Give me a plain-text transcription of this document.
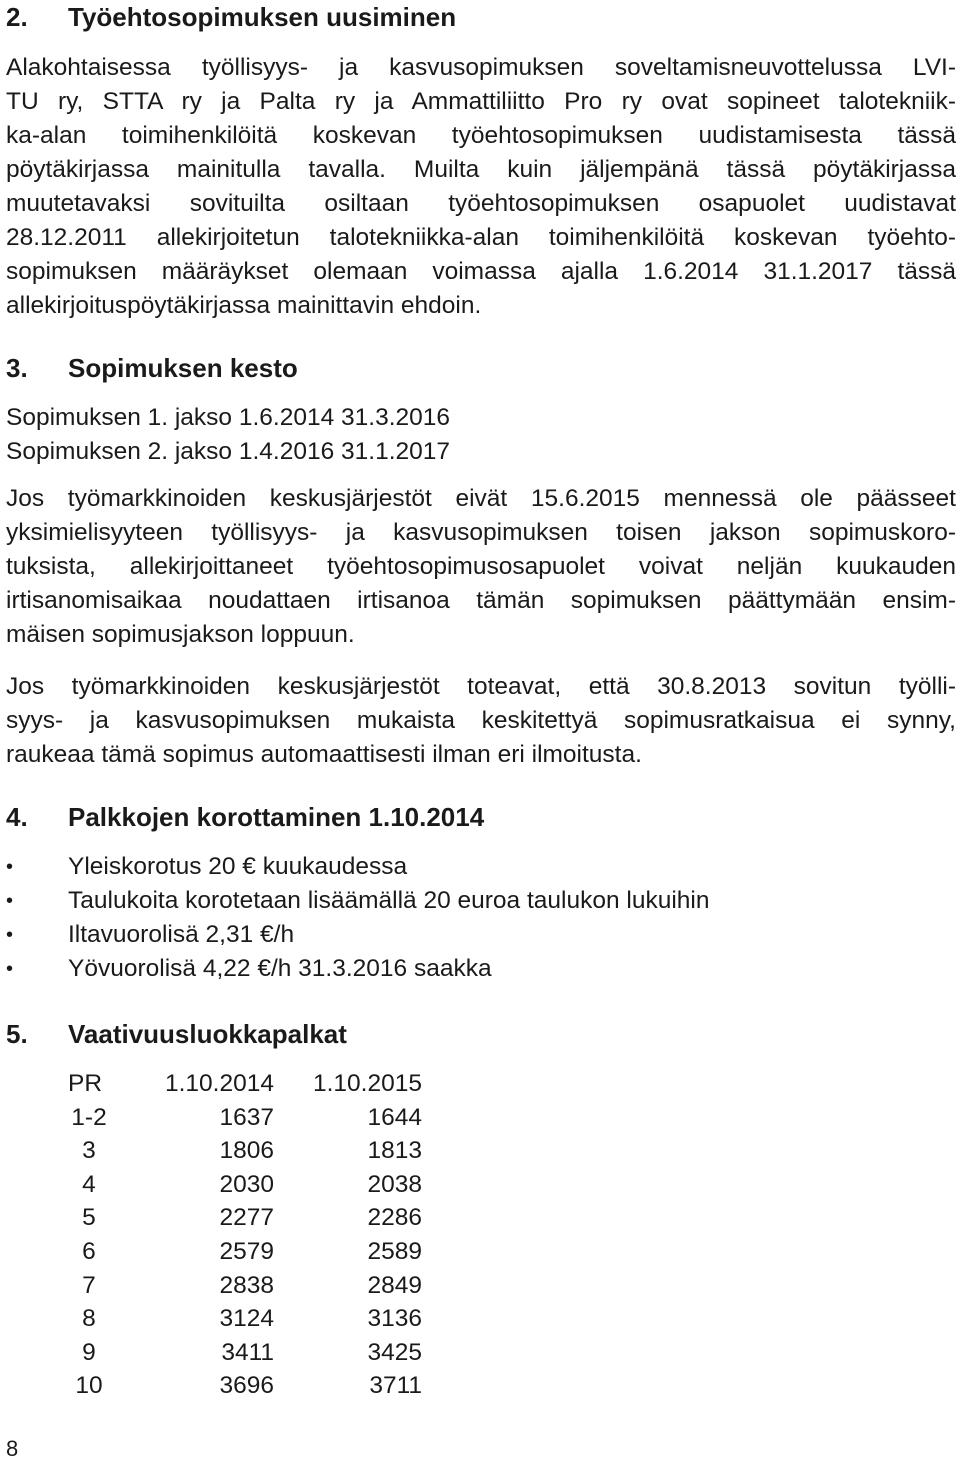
2.	Työehtosopimuksen uusiminen
Alakohtaisessa työllisyys- ja kasvusopimuksen soveltamisneuvottelussa LVI-
TU ry, STTA ry ja Palta ry ja Ammattiliitto Pro ry ovat sopineet talotekniik-
ka-alan toimihenkilöitä koskevan työehtosopimuksen uudistamisesta tässä
pöytäkirjassa mainitulla tavalla. Muilta kuin jäljempänä tässä pöytäkirjassa
muutetavaksi sovituilta osiltaan työehtosopimuksen osapuolet uudistavat
28.12.2011 allekirjoitetun talotekniikka-alan toimihenkilöitä koskevan työehto-
sopimuksen määräykset olemaan voimassa ajalla 1.6.2014 31.1.2017 tässä
allekirjoituspöytäkirjassa mainittavin ehdoin.
3.	Sopimuksen kesto
Sopimuksen 1. jakso 1.6.2014 31.3.2016
Sopimuksen 2. jakso 1.4.2016 31.1.2017
Jos työmarkkinoiden keskusjärjestöt eivät 15.6.2015 mennessä ole päässeet
yksimielisyyteen työllisyys- ja kasvusopimuksen toisen jakson sopimuskoro-
tuksista, allekirjoittaneet työehtosopimusosapuolet voivat neljän kuukauden
irtisanomisaikaa noudattaen irtisanoa tämän sopimuksen päättymään ensim-
mäisen sopimusjakson loppuun.
Jos työmarkkinoiden keskusjärjestöt toteavat, että 30.8.2013 sovitun työlli-
syys- ja kasvusopimuksen mukaista keskitettyä sopimusratkaisua ei synny,
raukeaa tämä sopimus automaattisesti ilman eri ilmoitusta.
4.	Palkkojen korottaminen 1.10.2014
•	Yleiskorotus 20 € kuukaudessa
•	Taulukoita korotetaan lisäämällä 20 euroa taulukon lukuihin
•	Iltavuorolisä 2,31 €/h
•	Yövuorolisä 4,22 €/h 31.3.2016 saakka
5.	Vaativuusluokkapalkat
PR	1.10.2014	1.10.2015
1-2	1637	1644
3	1806	1813
4	2030	2038
5	2277	2286
6	2579	2589
7	2838	2849
8	3124	3136
9	3411	3425
10	3696	3711
8
